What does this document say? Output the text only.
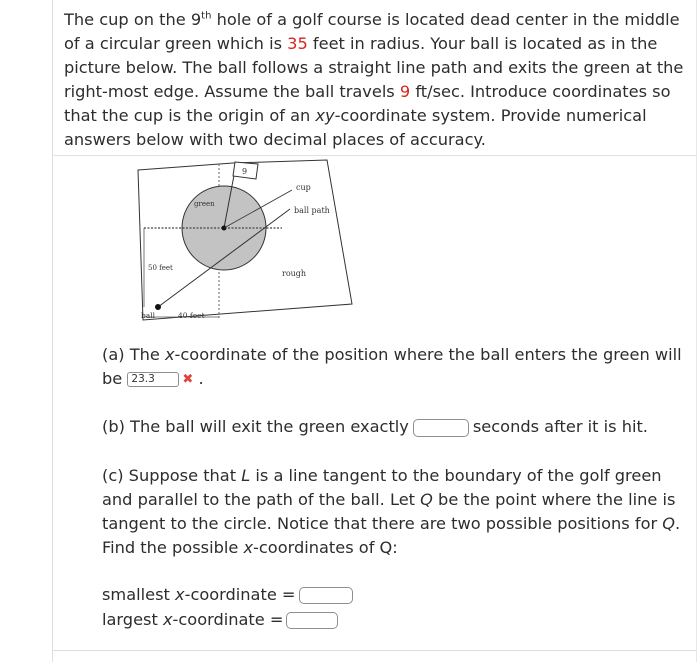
The cup on the 9th hole of a golf course is located dead center in the middle of a circular green which is 35 feet in radius. Your ball is located as in the picture below. The ball follows a straight line path and exits the green at the right-most edge. Assume the ball travels 9 ft/sec. Introduce coordinates so that the cup is the origin of an xy-coordinate system. Provide numerical answers below with two decimal places of accuracy.
9
cup
ball path
green
rough
50 feet
ball	40 feet
(a) The x-coordinate of the position where the ball enters the green will be 23.3 ✖ .
(b) The ball will exit the green exactly	seconds after it is hit.
(c) Suppose that L is a line tangent to the boundary of the golf green and parallel to the path of the ball. Let Q be the point where the line is tangent to the circle. Notice that there are two possible positions for Q. Find the possible x-coordinates of Q:
smallest x-coordinate =
largest x-coordinate =
